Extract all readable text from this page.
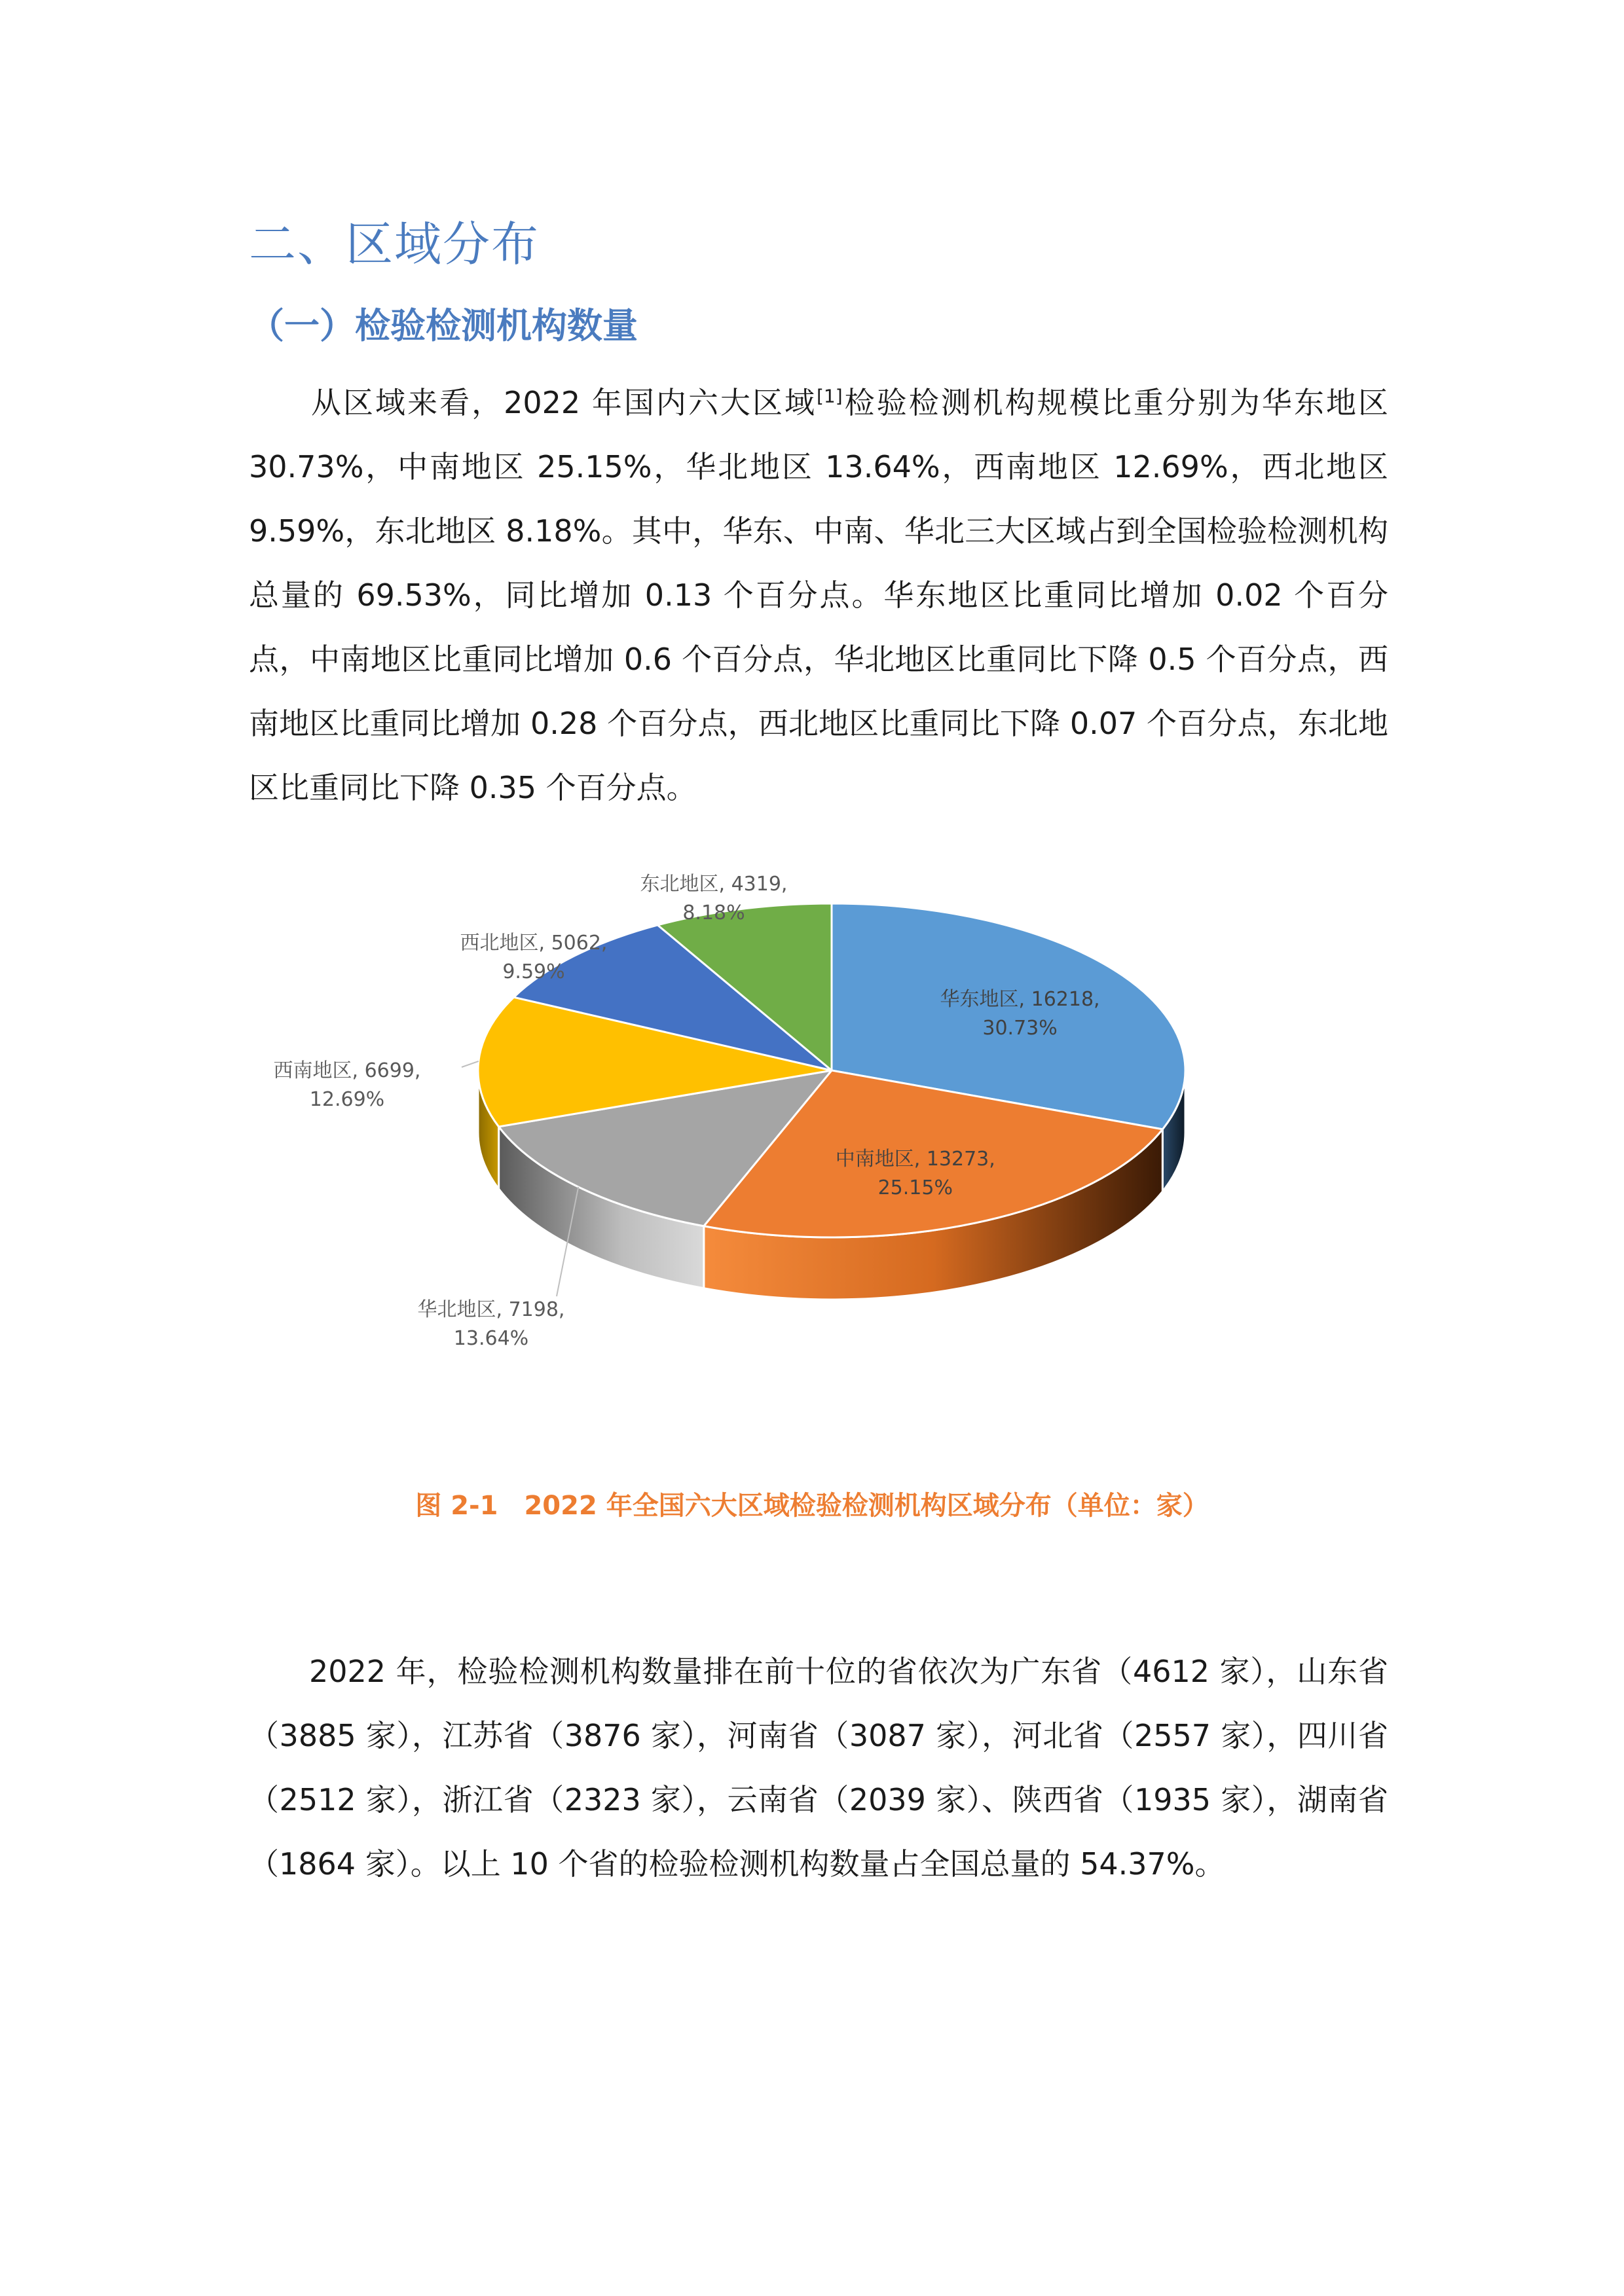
二、区域分布
（一）检验检测机构数量

从区域来看，2022 年国内六大区域[1]检验检测机构规模比重分别为华东地区 30.73%，中南地区 25.15%，华北地区 13.64%，西南地区 12.69%，西北地区 9.59%，东北地区 8.18%。其中，华东、中南、华北三大区域占到全国检验检测机构总量的 69.53%，同比增加 0.13 个百分点。华东地区比重同比增加 0.02 个百分点，中南地区比重同比增加 0.6 个百分点，华北地区比重同比下降 0.5 个百分点，西南地区比重同比增加 0.28 个百分点，西北地区比重同比下降 0.07 个百分点，东北地区比重同比下降 0.35 个百分点。

华东地区, 16218,
30.73%
中南地区, 13273,
25.15%
华北地区, 7198,
13.64%
西南地区, 6699,
12.69%
西北地区, 5062,
9.59%
东北地区, 4319,
8.18%

图 2-1　2022 年全国六大区域检验检测机构区域分布（单位：家）

2022 年，检验检测机构数量排在前十位的省依次为广东省（4612 家），山东省（3885 家），江苏省（3876 家），河南省（3087 家），河北省（2557 家），四川省（2512 家），浙江省（2323 家），云南省（2039 家）、陕西省（1935 家），湖南省（1864 家）。以上 10 个省的检验检测机构数量占全国总量的 54.37%。
